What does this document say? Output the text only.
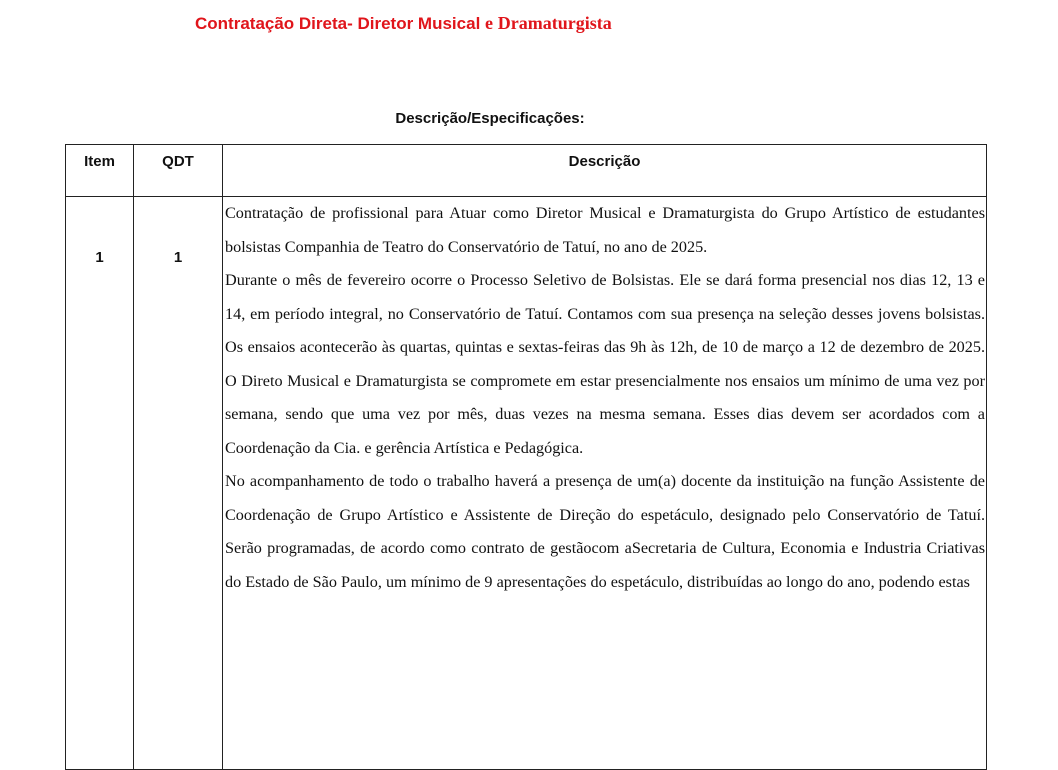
Contratação Direta- Diretor Musical e Dramaturgista
Descrição/Especificações:
Item	QDT	Descrição
1	1	Contratação de profissional para Atuar como Diretor Musical e Dramaturgista do Grupo Artístico de estudantes bolsistas Companhia de Teatro do Conservatório de Tatuí, no ano de 2025.

Durante o mês de fevereiro ocorre o Processo Seletivo de Bolsistas. Ele se dará forma presencial nos dias 12, 13 e 14, em período integral, no Conservatório de Tatuí. Contamos com sua presença na seleção desses jovens bolsistas. Os ensaios acontecerão às quartas, quintas e sextas-feiras das 9h às 12h, de 10 de março a 12 de dezembro de 2025. O Direto Musical e Dramaturgista se compromete em estar presencialmente nos ensaios um mínimo de uma vez por semana, sendo que uma vez por mês, duas vezes na mesma semana. Esses dias devem ser acordados com a Coordenação da Cia. e gerência Artística e Pedagógica.

No acompanhamento de todo o trabalho haverá a presença de um(a) docente da instituição na função Assistente de Coordenação de Grupo Artístico e Assistente de Direção do espetáculo, designado pelo Conservatório de Tatuí. Serão programadas, de acordo como contrato de gestãocom aSecretaria de Cultura, Economia e Industria Criativas do Estado de São Paulo, um mínimo de 9 apresentações do espetáculo, distribuídas ao longo do ano, podendo estas
